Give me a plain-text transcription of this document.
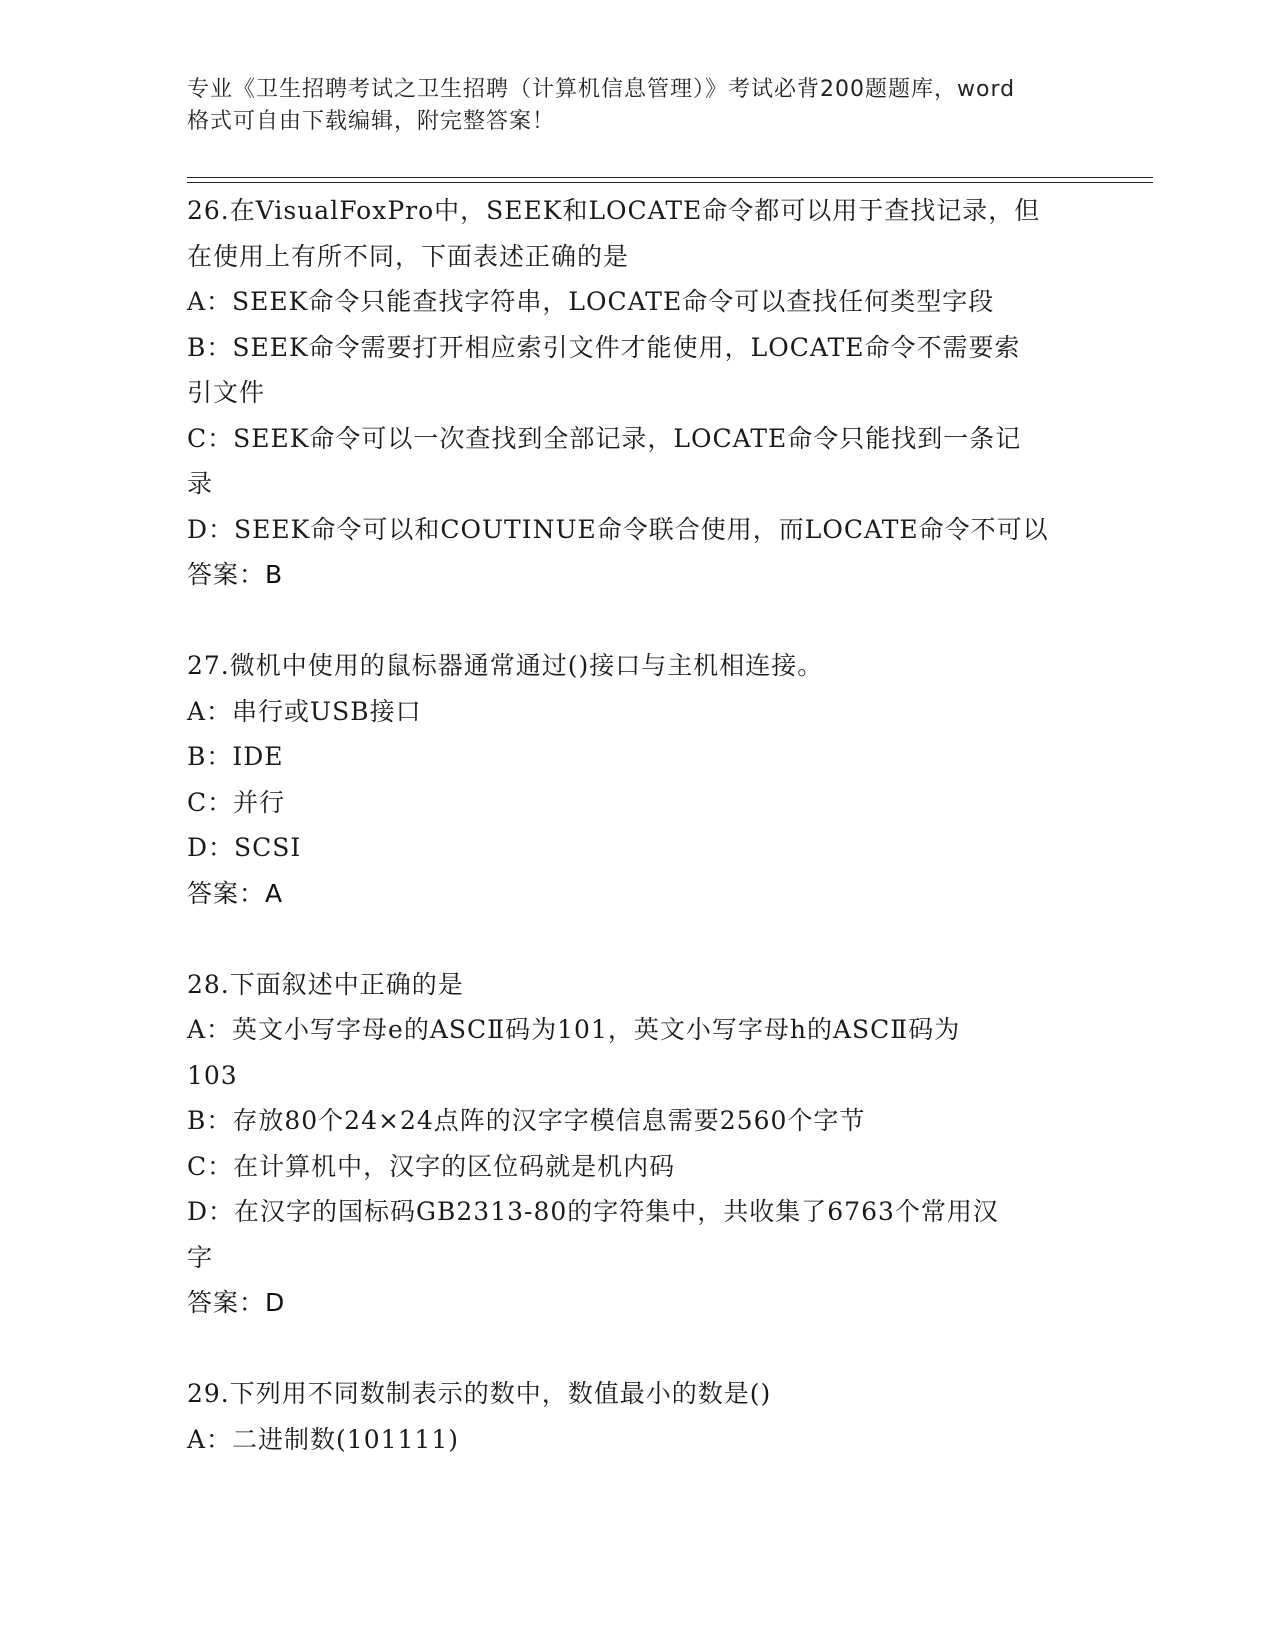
专业《卫生招聘考试之卫生招聘（计算机信息管理）》考试必背200题题库，word
格式可自由下载编辑，附完整答案！
26.在VisualFoxPro中，SEEK和LOCATE命令都可以用于查找记录，但
在使用上有所不同，下面表述正确的是
A：SEEK命令只能查找字符串，LOCATE命令可以查找任何类型字段
B：SEEK命令需要打开相应索引文件才能使用，LOCATE命令不需要索
引文件
C：SEEK命令可以一次查找到全部记录，LOCATE命令只能找到一条记
录
D：SEEK命令可以和COUTINUE命令联合使用，而LOCATE命令不可以
答案：B
27.微机中使用的鼠标器通常通过()接口与主机相连接。
A：串行或USB接口
B：IDE
C：并行
D：SCSI
答案：A
28.下面叙述中正确的是
A：英文小写字母e的ASCⅡ码为101，英文小写字母h的ASCⅡ码为
103
B：存放80个24×24点阵的汉字字模信息需要2560个字节
C：在计算机中，汉字的区位码就是机内码
D：在汉字的国标码GB2313-80的字符集中，共收集了6763个常用汉
字
答案：D
29.下列用不同数制表示的数中，数值最小的数是()
A：二进制数(101111)
